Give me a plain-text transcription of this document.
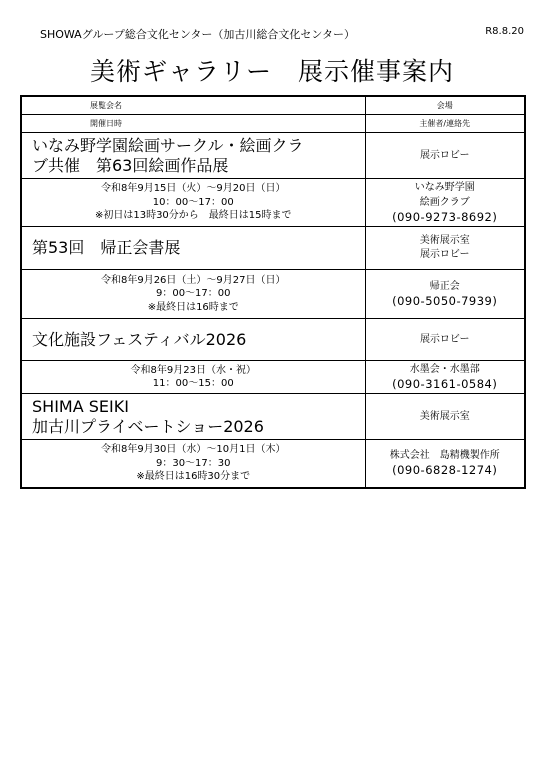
SHOWAグループ総合文化センター（加古川総合文化センター）	R8.8.20
美術ギャラリー　展示催事案内
展覧会名	会場
開催日時	主催者/連絡先

いなみ野学園絵画サークル・絵画クラ
ブ共催　第63回絵画作品展	展示ロビー

令和8年9月15日（火）～9月20日（日）
10：00～17：00
※初日は13時30分から　最終日は15時まで	いなみ野学園
絵画クラブ
(090-9273-8692)

第53回　帰正会書展	美術展示室
展示ロビー

令和8年9月26日（土）～9月27日（日）
9：00～17：00
※最終日は16時まで	帰正会
(090-5050-7939)

文化施設フェスティバル2026	展示ロビー

令和8年9月23日（水・祝）
11：00～15：00	水墨会・水墨部
(090-3161-0584)

SHIMA SEIKI
加古川プライベートショー2026	美術展示室

令和8年9月30日（水）～10月1日（木）
9：30～17：30
※最終日は16時30分まで	株式会社　島精機製作所
(090-6828-1274)
